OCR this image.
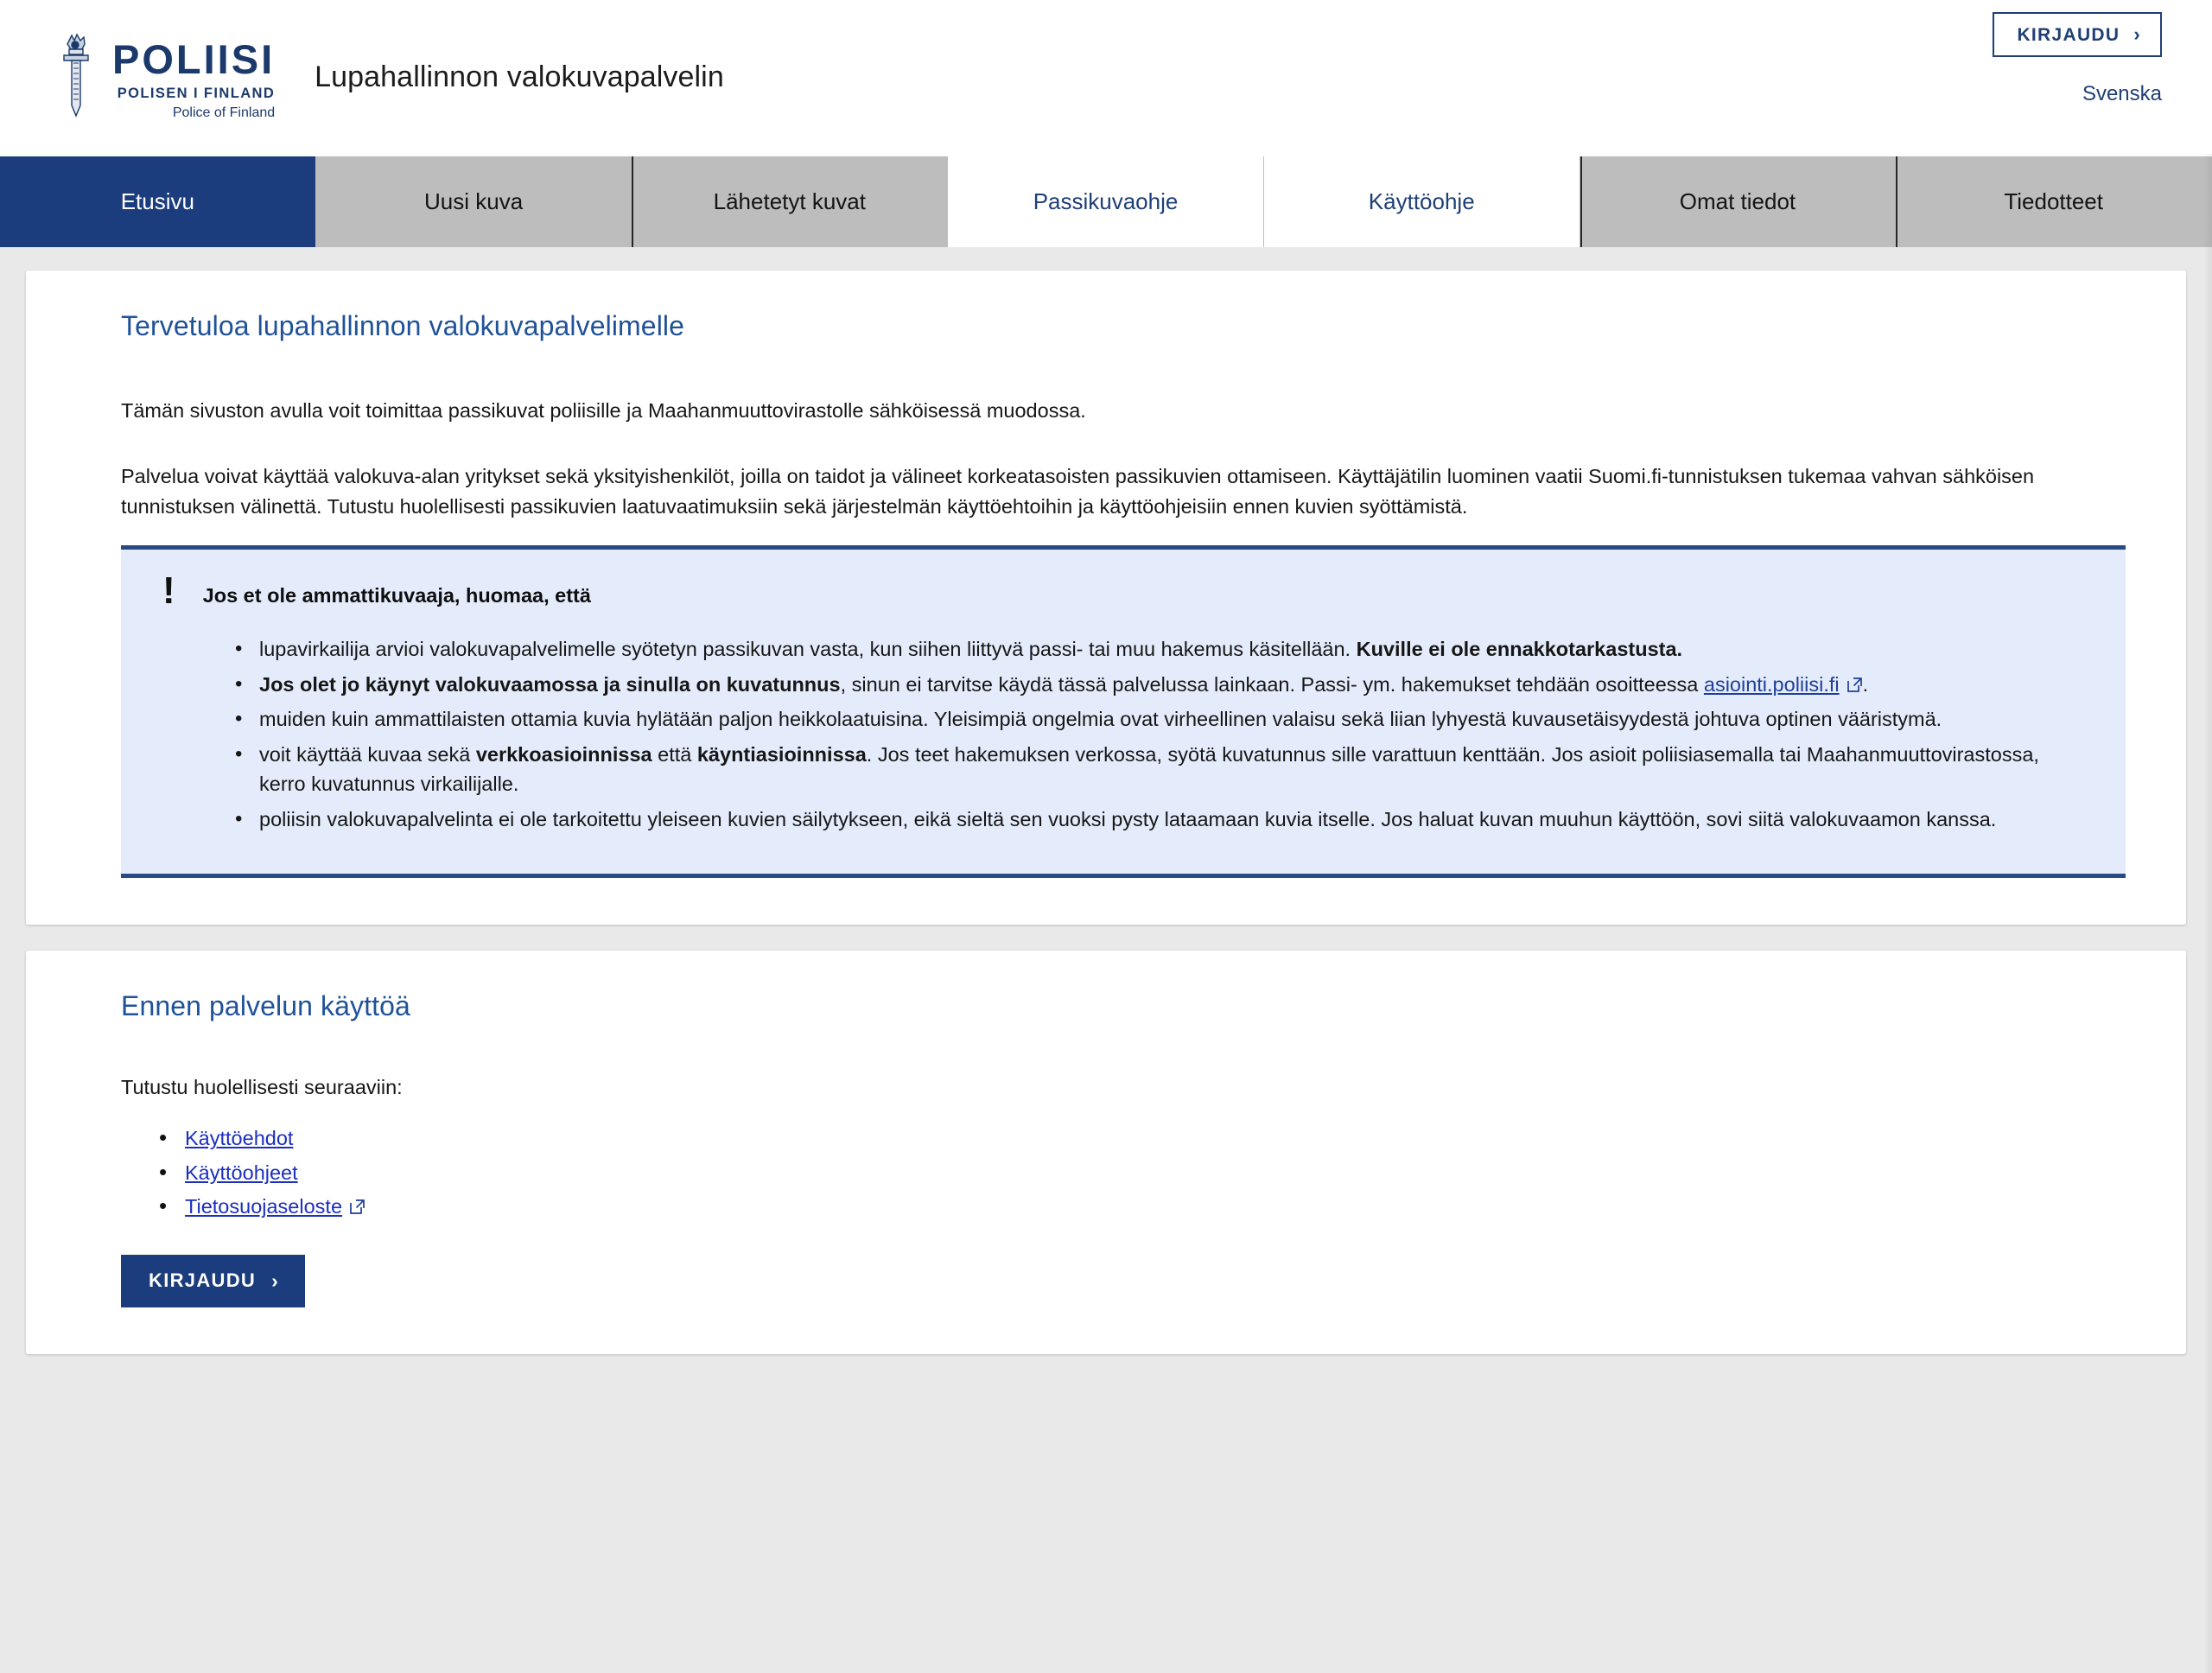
POLIISI
POLISEN I FINLAND
Police of Finland
Lupahallinnon valokuvapalvelin
KIRJAUDU ›
Svenska
Etusivu	Uusi kuva	Lähetetyt kuvat	Passikuvaohje	Käyttöohje	Omat tiedot	Tiedotteet
Tervetuloa lupahallinnon valokuvapalvelimelle

Tämän sivuston avulla voit toimittaa passikuvat poliisille ja Maahanmuuttovirastolle sähköisessä muodossa.

Palvelua voivat käyttää valokuva-alan yritykset sekä yksityishenkilöt, joilla on taidot ja välineet korkeatasoisten passikuvien ottamiseen. Käyttäjätilin luominen vaatii Suomi.fi-tunnistuksen tukemaa vahvan sähköisen tunnistuksen välinettä. Tutustu huolellisesti passikuvien laatuvaatimuksiin sekä järjestelmän käyttöehtoihin ja käyttöohjeisiin ennen kuvien syöttämistä.

! Jos et ole ammattikuvaaja, huomaa, että
• lupavirkailija arvioi valokuvapalvelimelle syötetyn passikuvan vasta, kun siihen liittyvä passi- tai muu hakemus käsitellään. Kuville ei ole ennakkotarkastusta.
• Jos olet jo käynyt valokuvaamossa ja sinulla on kuvatunnus, sinun ei tarvitse käydä tässä palvelussa lainkaan. Passi- ym. hakemukset tehdään osoitteessa asiointi.poliisi.fi .
• muiden kuin ammattilaisten ottamia kuvia hylätään paljon heikkolaatuisina. Yleisimpiä ongelmia ovat virheellinen valaisu sekä liian lyhyestä kuvausetäisyydestä johtuva optinen vääristymä.
• voit käyttää kuvaa sekä verkkoasioinnissa että käyntiasioinnissa. Jos teet hakemuksen verkossa, syötä kuvatunnus sille varattuun kenttään. Jos asioit poliisiasemalla tai Maahanmuuttovirastossa, kerro kuvatunnus virkailijalle.
• poliisin valokuvapalvelinta ei ole tarkoitettu yleiseen kuvien säilytykseen, eikä sieltä sen vuoksi pysty lataamaan kuvia itselle. Jos haluat kuvan muuhun käyttöön, sovi siitä valokuvaamon kanssa.
Ennen palvelun käyttöä

Tutustu huolellisesti seuraaviin:

• Käyttöehdot
• Käyttöohjeet
• Tietosuojaseloste
KIRJAUDU ›
